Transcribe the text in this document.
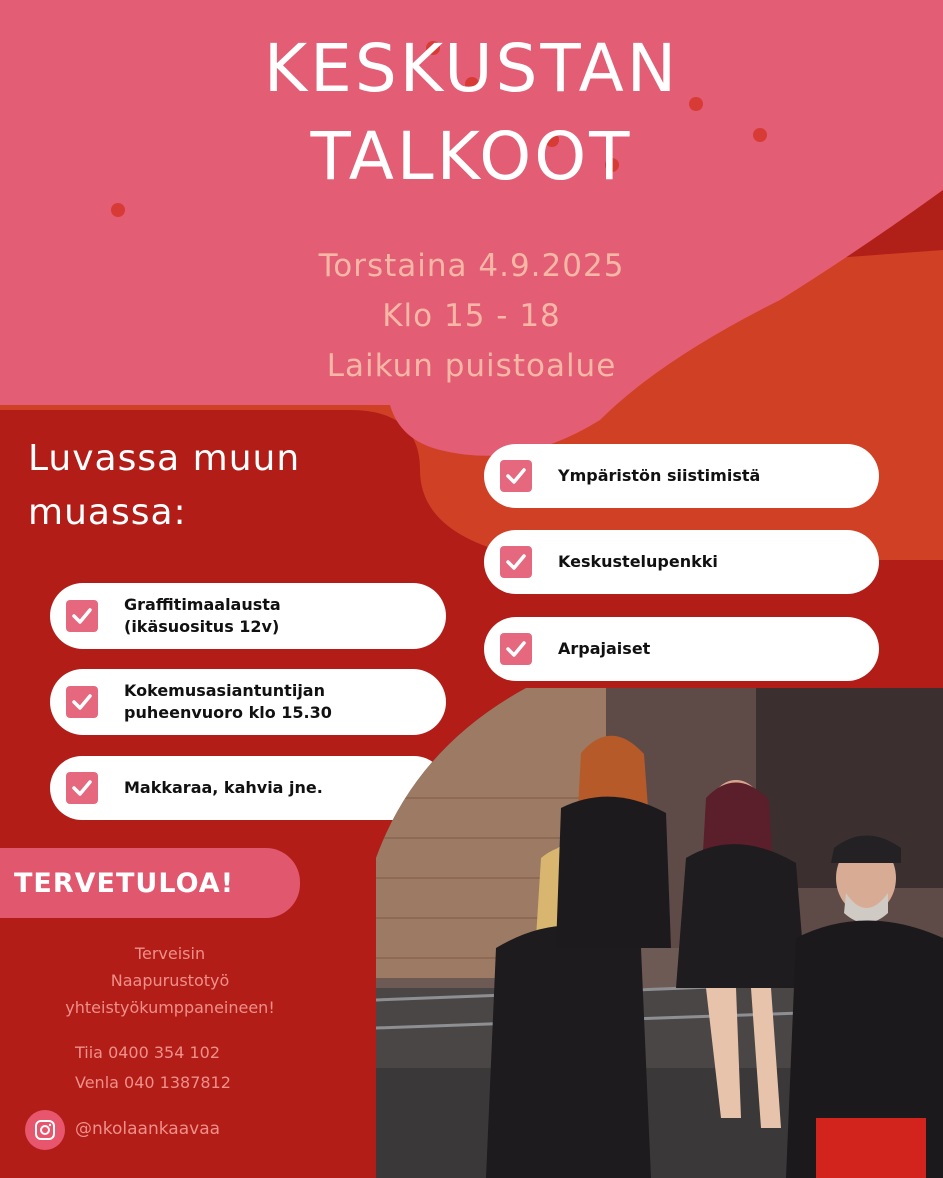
KESKUSTAN
TALKOOT
Torstaina 4.9.2025
Klo 15 - 18
Laikun puistoalue
Luvassa muun
muassa:
Ympäristön siistimistä
Keskustelupenkki
Arpajaiset
Graffitimaalausta
(ikäsuositus 12v)
Kokemusasiantuntijan
puheenvuoro klo 15.30
Makkaraa, kahvia jne.
TERVETULOA!
Terveisin
Naapurustotyö
yhteistyökumppaneineen!
Tiia 0400 354 102
Venla 040 1387812
@nkolaankaavaa
